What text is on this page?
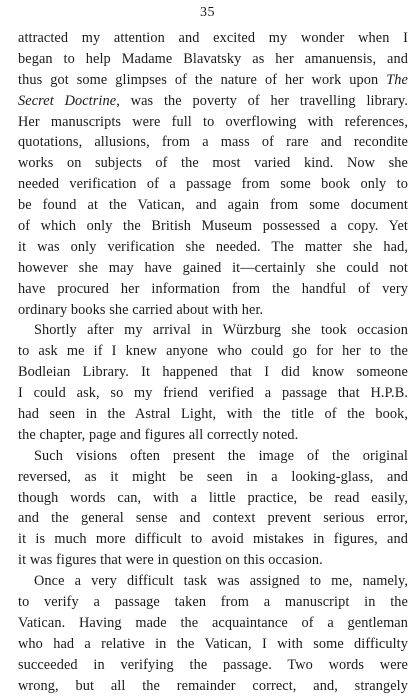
35
attracted my attention and excited my wonder when I
began to help Madame Blavatsky as her amanuensis, and
thus got some glimpses of the nature of her work upon The
Secret Doctrine, was the poverty of her travelling library.
Her manuscripts were full to overflowing with references,
quotations, allusions, from a mass of rare and recondite
works on subjects of the most varied kind. Now she
needed verification of a passage from some book only to
be found at the Vatican, and again from some document
of which only the British Museum possessed a copy. Yet
it was only verification she needed. The matter she had,
however she may have gained it—certainly she could not
have procured her information from the handful of very
ordinary books she carried about with her.
Shortly after my arrival in Würzburg she took occasion
to ask me if I knew anyone who could go for her to the
Bodleian Library. It happened that I did know someone
I could ask, so my friend verified a passage that H.P.B.
had seen in the Astral Light, with the title of the book,
the chapter, page and figures all correctly noted.
Such visions often present the image of the original
reversed, as it might be seen in a looking-glass, and
though words can, with a little practice, be read easily,
and the general sense and context prevent serious error,
it is much more difficult to avoid mistakes in figures, and
it was figures that were in question on this occasion.
Once a very difficult task was assigned to me, namely,
to verify a passage taken from a manuscript in the
Vatican. Having made the acquaintance of a gentleman
who had a relative in the Vatican, I with some difficulty
succeeded in verifying the passage. Two words were
wrong, but all the remainder correct, and, strangely
